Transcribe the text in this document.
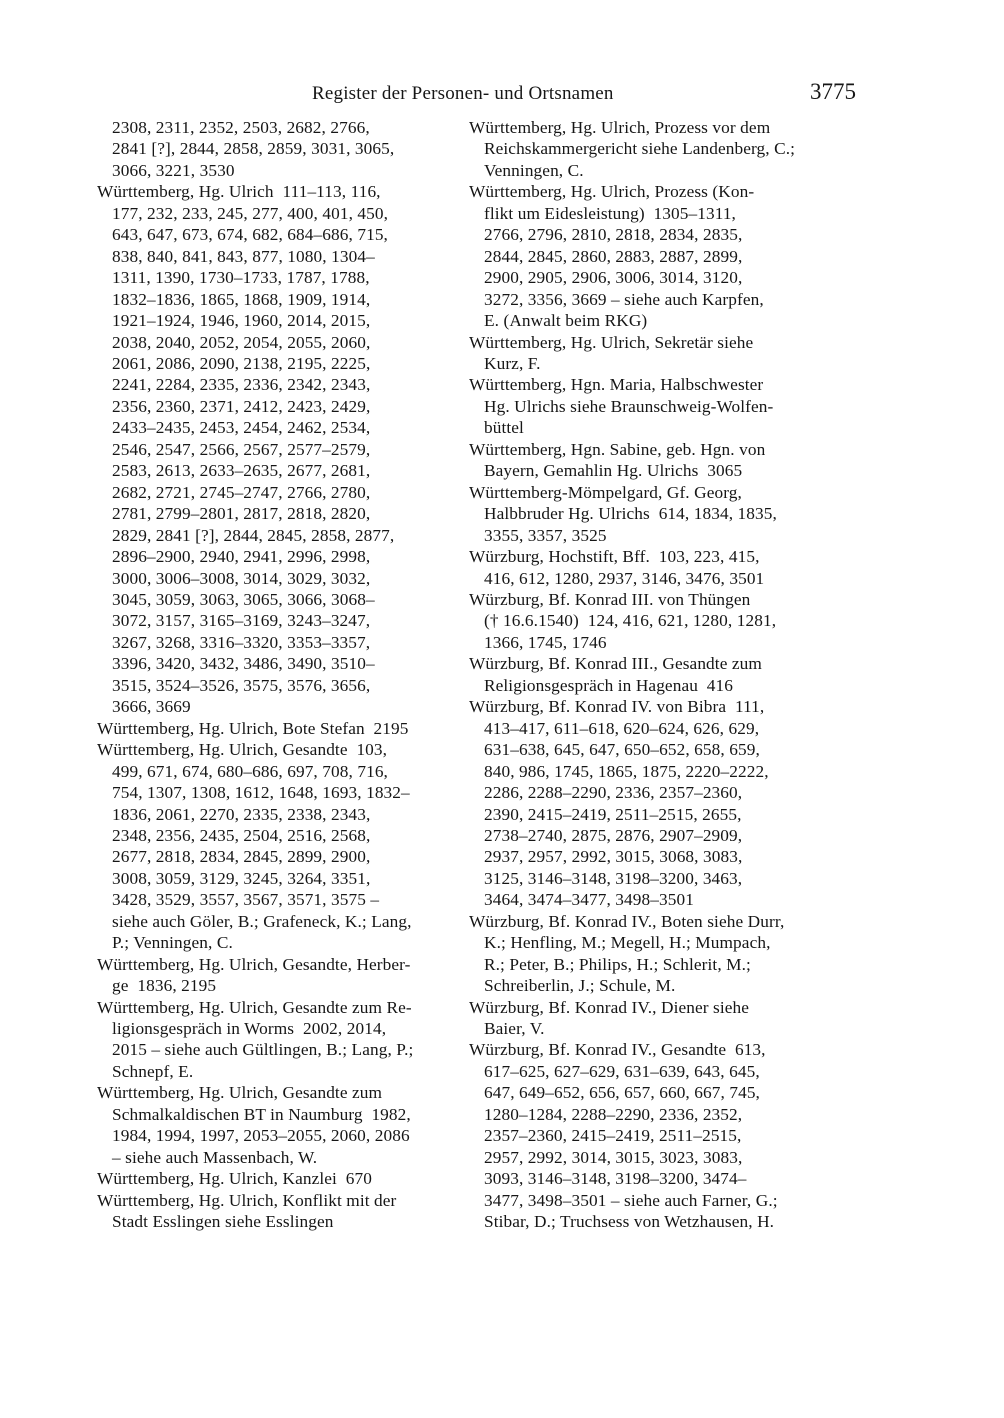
Register der Personen- und Ortsnamen	3775
2308, 2311, 2352, 2503, 2682, 2766,
2841 [?], 2844, 2858, 2859, 3031, 3065,
3066, 3221, 3530
Württemberg, Hg. Ulrich  111–113, 116,
177, 232, 233, 245, 277, 400, 401, 450,
643, 647, 673, 674, 682, 684–686, 715,
838, 840, 841, 843, 877, 1080, 1304–
1311, 1390, 1730–1733, 1787, 1788,
1832–1836, 1865, 1868, 1909, 1914,
1921–1924, 1946, 1960, 2014, 2015,
2038, 2040, 2052, 2054, 2055, 2060,
2061, 2086, 2090, 2138, 2195, 2225,
2241, 2284, 2335, 2336, 2342, 2343,
2356, 2360, 2371, 2412, 2423, 2429,
2433–2435, 2453, 2454, 2462, 2534,
2546, 2547, 2566, 2567, 2577–2579,
2583, 2613, 2633–2635, 2677, 2681,
2682, 2721, 2745–2747, 2766, 2780,
2781, 2799–2801, 2817, 2818, 2820,
2829, 2841 [?], 2844, 2845, 2858, 2877,
2896–2900, 2940, 2941, 2996, 2998,
3000, 3006–3008, 3014, 3029, 3032,
3045, 3059, 3063, 3065, 3066, 3068–
3072, 3157, 3165–3169, 3243–3247,
3267, 3268, 3316–3320, 3353–3357,
3396, 3420, 3432, 3486, 3490, 3510–
3515, 3524–3526, 3575, 3576, 3656,
3666, 3669
Württemberg, Hg. Ulrich, Bote Stefan  2195
Württemberg, Hg. Ulrich, Gesandte  103,
499, 671, 674, 680–686, 697, 708, 716,
754, 1307, 1308, 1612, 1648, 1693, 1832–
1836, 2061, 2270, 2335, 2338, 2343,
2348, 2356, 2435, 2504, 2516, 2568,
2677, 2818, 2834, 2845, 2899, 2900,
3008, 3059, 3129, 3245, 3264, 3351,
3428, 3529, 3557, 3567, 3571, 3575 –
siehe auch Göler, B.; Grafeneck, K.; Lang,
P.; Venningen, C.
Württemberg, Hg. Ulrich, Gesandte, Herber-
ge  1836, 2195
Württemberg, Hg. Ulrich, Gesandte zum Re-
ligionsgespräch in Worms  2002, 2014,
2015 – siehe auch Gültlingen, B.; Lang, P.;
Schnepf, E.
Württemberg, Hg. Ulrich, Gesandte zum
Schmalkaldischen BT in Naumburg  1982,
1984, 1994, 1997, 2053–2055, 2060, 2086
– siehe auch Massenbach, W.
Württemberg, Hg. Ulrich, Kanzlei  670
Württemberg, Hg. Ulrich, Konflikt mit der
Stadt Esslingen siehe Esslingen
Württemberg, Hg. Ulrich, Prozess vor dem
Reichskammergericht siehe Landenberg, C.;
Venningen, C.
Württemberg, Hg. Ulrich, Prozess (Kon-
flikt um Eidesleistung)  1305–1311,
2766, 2796, 2810, 2818, 2834, 2835,
2844, 2845, 2860, 2883, 2887, 2899,
2900, 2905, 2906, 3006, 3014, 3120,
3272, 3356, 3669 – siehe auch Karpfen,
E. (Anwalt beim RKG)
Württemberg, Hg. Ulrich, Sekretär siehe
Kurz, F.
Württemberg, Hgn. Maria, Halbschwester
Hg. Ulrichs siehe Braunschweig-Wolfen-
büttel
Württemberg, Hgn. Sabine, geb. Hgn. von
Bayern, Gemahlin Hg. Ulrichs  3065
Württemberg-Mömpelgard, Gf. Georg,
Halbbruder Hg. Ulrichs  614, 1834, 1835,
3355, 3357, 3525
Würzburg, Hochstift, Bff.  103, 223, 415,
416, 612, 1280, 2937, 3146, 3476, 3501
Würzburg, Bf. Konrad III. von Thüngen
(† 16.6.1540)  124, 416, 621, 1280, 1281,
1366, 1745, 1746
Würzburg, Bf. Konrad III., Gesandte zum
Religionsgespräch in Hagenau  416
Würzburg, Bf. Konrad IV. von Bibra  111,
413–417, 611–618, 620–624, 626, 629,
631–638, 645, 647, 650–652, 658, 659,
840, 986, 1745, 1865, 1875, 2220–2222,
2286, 2288–2290, 2336, 2357–2360,
2390, 2415–2419, 2511–2515, 2655,
2738–2740, 2875, 2876, 2907–2909,
2937, 2957, 2992, 3015, 3068, 3083,
3125, 3146–3148, 3198–3200, 3463,
3464, 3474–3477, 3498–3501
Würzburg, Bf. Konrad IV., Boten siehe Durr,
K.; Henfling, M.; Megell, H.; Mumpach,
R.; Peter, B.; Philips, H.; Schlerit, M.;
Schreiberlin, J.; Schule, M.
Würzburg, Bf. Konrad IV., Diener siehe
Baier, V.
Würzburg, Bf. Konrad IV., Gesandte  613,
617–625, 627–629, 631–639, 643, 645,
647, 649–652, 656, 657, 660, 667, 745,
1280–1284, 2288–2290, 2336, 2352,
2357–2360, 2415–2419, 2511–2515,
2957, 2992, 3014, 3015, 3023, 3083,
3093, 3146–3148, 3198–3200, 3474–
3477, 3498–3501 – siehe auch Farner, G.;
Stibar, D.; Truchsess von Wetzhausen, H.
